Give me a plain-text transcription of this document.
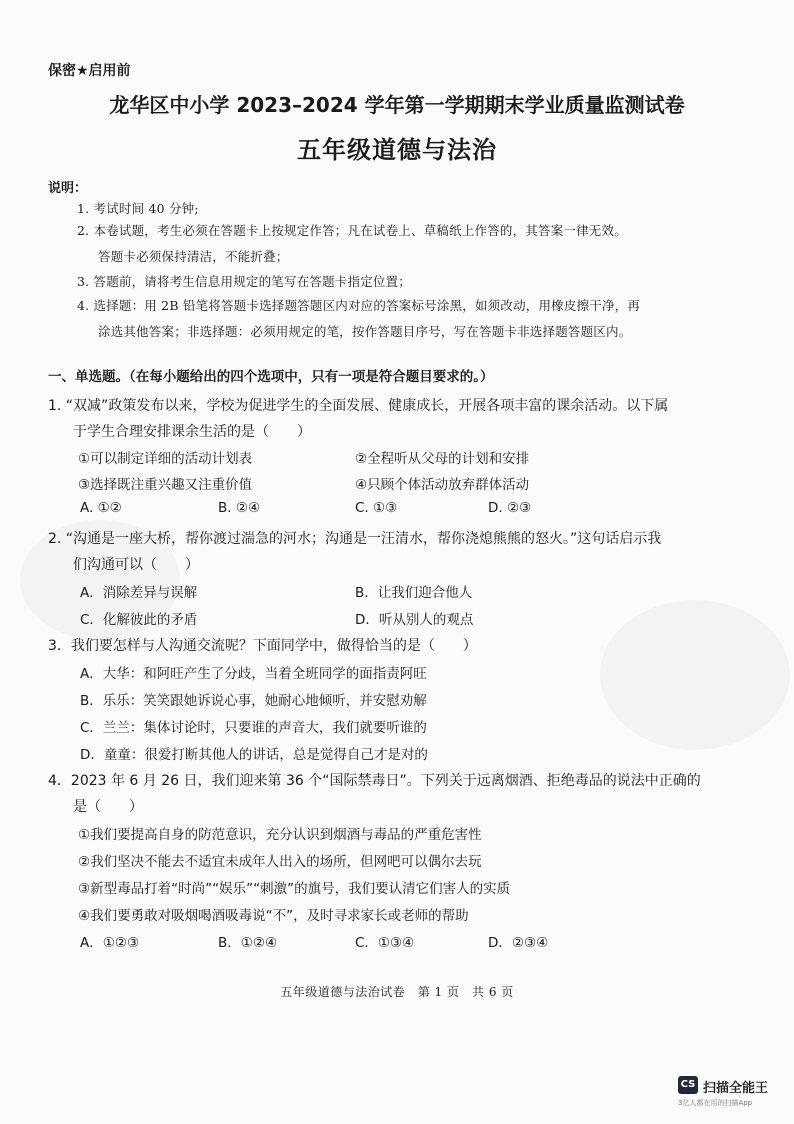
保密★启用前
龙华区中小学 2023–2024 学年第一学期期末学业质量监测试卷
五年级道德与法治
说明：
1. 考试时间 40 分钟;
2. 本卷试题，考生必须在答题卡上按规定作答；凡在试卷上、草稿纸上作答的，其答案一律无效。
答题卡必须保持清洁，不能折叠；
3. 答题前，请将考生信息用规定的笔写在答题卡指定位置；
4. 选择题：用 2B 铅笔将答题卡选择题答题区内对应的答案标号涂黑，如须改动，用橡皮擦干净，再
涂选其他答案；非选择题：必须用规定的笔，按作答题目序号，写在答题卡非选择题答题区内。
一、单选题。（在每小题给出的四个选项中，只有一项是符合题目要求的。）
1. “双减”政策发布以来，学校为促进学生的全面发展、健康成长，开展各项丰富的课余活动。以下属
于学生合理安排课余生活的是（　　）
①可以制定详细的活动计划表	②全程听从父母的计划和安排
③选择既注重兴趣又注重价值	④只顾个体活动放弃群体活动
A. ①②	B. ②④	C. ①③	D. ②③
2. “沟通是一座大桥，帮你渡过湍急的河水；沟通是一汪清水，帮你浇熄熊熊的怒火。”这句话启示我
们沟通可以（　　）
A．消除差异与误解	B．让我们迎合他人
C．化解彼此的矛盾	D．听从别人的观点
3．我们要怎样与人沟通交流呢？下面同学中，做得恰当的是（　　）
A．大华：和阿旺产生了分歧，当着全班同学的面指责阿旺
B．乐乐：笑笑跟她诉说心事，她耐心地倾听，并安慰劝解
C．兰兰：集体讨论时，只要谁的声音大，我们就要听谁的
D．童童：很爱打断其他人的讲话，总是觉得自己才是对的
4．2023 年 6 月 26 日，我们迎来第 36 个“国际禁毒日”。下列关于远离烟酒、拒绝毒品的说法中正确的
是（　　）
①我们要提高自身的防范意识，充分认识到烟酒与毒品的严重危害性
②我们坚决不能去不适宜未成年人出入的场所，但网吧可以偶尔去玩
③新型毒品打着“时尚”“娱乐”“刺激”的旗号，我们要认清它们害人的实质
④我们要勇敢对吸烟喝酒吸毒说“不”，及时寻求家长或老师的帮助
A．①②③	B．①②④	C．①③④	D．②③④
五年级道德与法治试卷　第 1 页　共 6 页
CS 扫描全能王
3亿人都在用的扫描App
